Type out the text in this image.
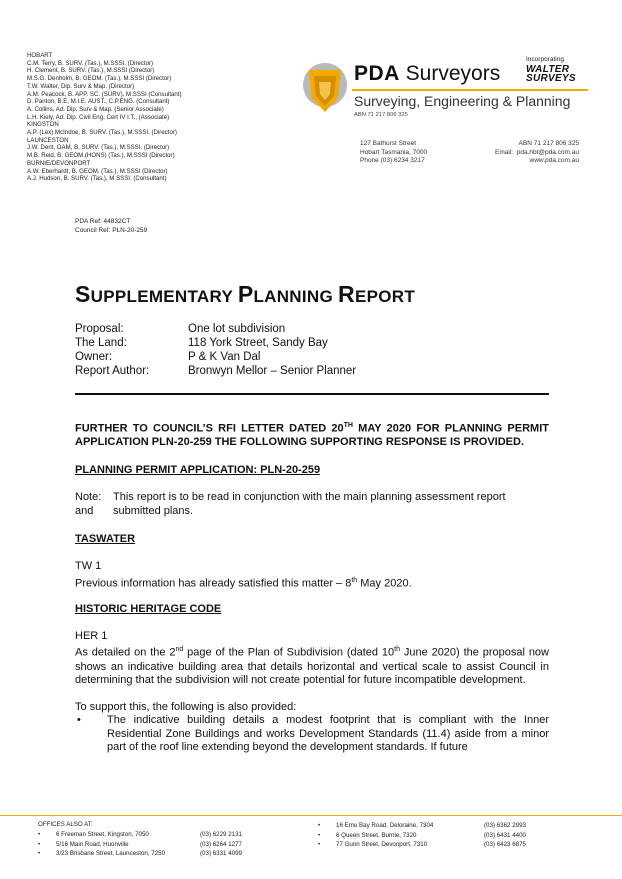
HOBART
C.M. Terry, B. SURV. (Tas.), M.SSSI. (Director)
H. Clement, B. SURV. (Tas.), M.SSSI (Director)
M.S.G. Denholm, B. GEOM. (Tas.), M.SSSI (Director)
T.W. Walter, Dip. Surv & Map. (Director)
A.M. Peacock, B. APP. SC. (SURV), M.SSSI (Consultant)
D. Panton, B.E, M.I.E. AUST., C.P.ENG. (Consultant)
A. Collins, Ad. Dip. Surv & Map. (Senior Associate)
L.H. Kiely, Ad. Dip. Civil Eng, Cert IV I.T., (Associate)
KINGSTON
A.P. (Lex) McIndoe, B. SURV. (Tas.), M.SSSI. (Director)
LAUNCESTON
J.W. Dent, OAM, B. SURV. (Tas.), M.SSSI. (Director)
M.B. Reid, B. GEOM.(HONS) (Tas.), M.SSSI (Director)
BURNIE/DEVONPORT
A.W. Eberhardt, B. GEOM. (Tas.), M.SSSI (Director)
A.J. Hudson, B. SURV. (Tas.), M.SSSI. (Consultant)
PDA Surveyors
Incorporating
WALTER
SURVEYS
Surveying, Engineering & Planning
ABN 71 217 806 325
127 Bathurst Street
Hobart Tasmania, 7000
Phone (03) 6234 3217
ABN 71 217 806 325
Email: pda.hbt@pda.com.au
www.pda.com.au
PDA Ref: 44832CT
Council Ref: PLN-20-259
SUPPLEMENTARY PLANNING REPORT
Proposal:	One lot subdivision
The Land:	118 York Street, Sandy Bay
Owner:	P & K Van Dal
Report Author:	Bronwyn Mellor – Senior Planner

FURTHER TO COUNCIL’S RFI LETTER DATED 20TH MAY 2020 FOR PLANNING PERMIT APPLICATION PLN-20-259 THE FOLLOWING SUPPORTING RESPONSE IS PROVIDED.

PLANNING PERMIT APPLICATION: PLN-20-259

Note:	This report is to be read in conjunction with the main planning assessment report
and	submitted plans.

TASWATER

TW 1

Previous information has already satisfied this matter – 8th May 2020.

HISTORIC HERITAGE CODE

HER 1

As detailed on the 2nd page of the Plan of Subdivision (dated 10th June 2020) the proposal now shows an indicative building area that details horizontal and vertical scale to assist Council in determining that the subdivision will not create potential for future incompatible development.

To support this, the following is also provided:

•	The indicative building details a modest footprint that is compliant with the Inner Residential Zone Buildings and works Development Standards (11.4) aside from a minor part of the roof line extending beyond the development standards. If future
OFFICES ALSO AT:
•	6 Freeman Street, Kingston, 7050	(03) 6229 2131
•	5/16 Main Road, Huonville	(03) 6264 1277
•	3/23 Brisbane Street, Launceston, 7250	(03) 6331 4099
•	16 Emu Bay Road, Deloraine, 7304	(03) 6362 2993
•	6 Queen Street, Burnie, 7320	(03) 6431 4400
•	77 Gunn Street, Devonport, 7310	(03) 6423 6875
